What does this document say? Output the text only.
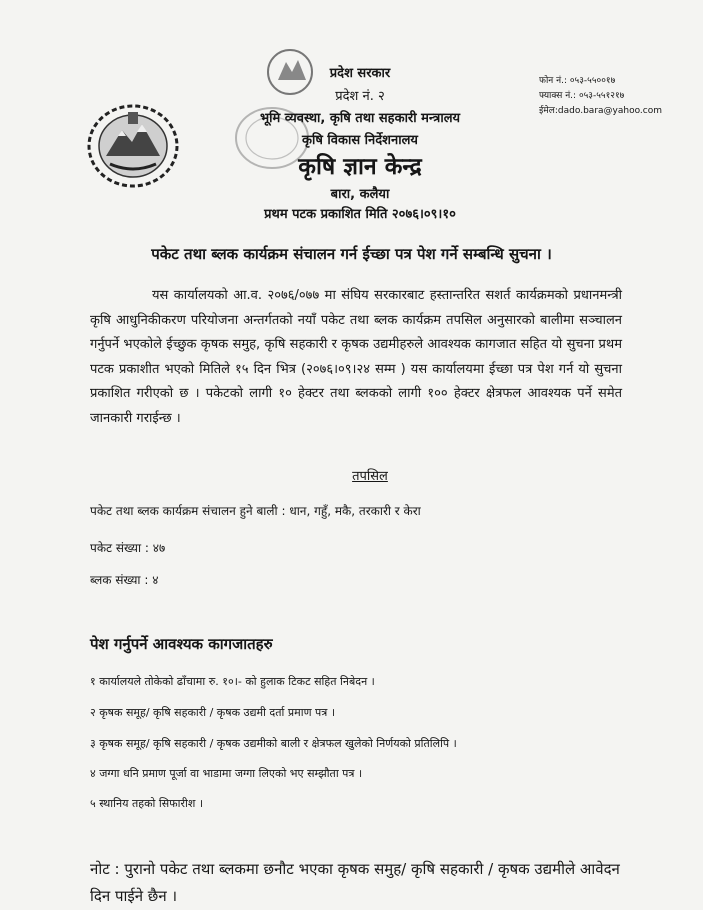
प्रदेश सरकार
प्रदेश नं. २
भूमि व्यवस्था, कृषि तथा सहकारी मन्त्रालय
कृषि विकास निर्देशनालय
कृषि ज्ञान केन्द्र
बारा, कलैया
प्रथम पटक प्रकाशित मिति २०७६।०९।१०
फोन नं.: ०५३-५५००१७
फ्याक्स नं.: ०५३-५५१२१७
ईमेल:dado.bara@yahoo.com
पकेट तथा ब्लक कार्यक्रम संचालन गर्न ईच्छा पत्र पेश गर्ने सम्बन्धि सुचना ।

यस कार्यालयको आ.व. २०७६/०७७ मा संघिय सरकारबाट हस्तान्तरित सशर्त कार्यक्रमको प्रधानमन्त्री कृषि आधुनिकीकरण परियोजना अन्तर्गतको नयाँ पकेट तथा ब्लक कार्यक्रम तपसिल अनुसारको बालीमा सञ्चालन गर्नुपर्ने भएकोले ईच्छुक कृषक समुह, कृषि सहकारी र कृषक उद्यमीहरुले आवश्यक कागजात सहित यो सुचना प्रथम पटक प्रकाशीत भएको मितिले १५ दिन भित्र (२०७६।०९।२४ सम्म ) यस कार्यालयमा ईच्छा पत्र पेश गर्न यो सुचना प्रकाशित गरीएको छ । पकेटको लागी १० हेक्टर तथा ब्लकको लागी १०० हेक्टर क्षेत्रफल आवश्यक पर्ने समेत जानकारी गराईन्छ ।

तपसिल
पकेट तथा ब्लक कार्यक्रम संचालन हुने बाली : धान, गहुँ, मकै, तरकारी र केरा
पकेट संख्या : ४७
ब्लक संख्या : ४
पेश गर्नुपर्ने आवश्यक कागजातहरु
१ कार्यालयले तोकेको ढाँचामा रु. १०।- को हुलाक टिकट सहित निबेदन ।
२ कृषक समूह/ कृषि सहकारी / कृषक उद्यमी दर्ता प्रमाण पत्र ।
३ कृषक समूह/ कृषि सहकारी / कृषक उद्यमीको बाली र क्षेत्रफल खुलेको निर्णयको प्रतिलिपि ।
४ जग्गा धनि प्रमाण पूर्जा वा भाडामा जग्गा लिएको भए सम्झौता पत्र ।
५ स्थानिय तहको सिफारीश ।
नोट : पुरानो पकेट तथा ब्लकमा छनौट भएका कृषक समुह/ कृषि सहकारी / कृषक उद्यमीले आवेदन दिन पाईने छैन ।
